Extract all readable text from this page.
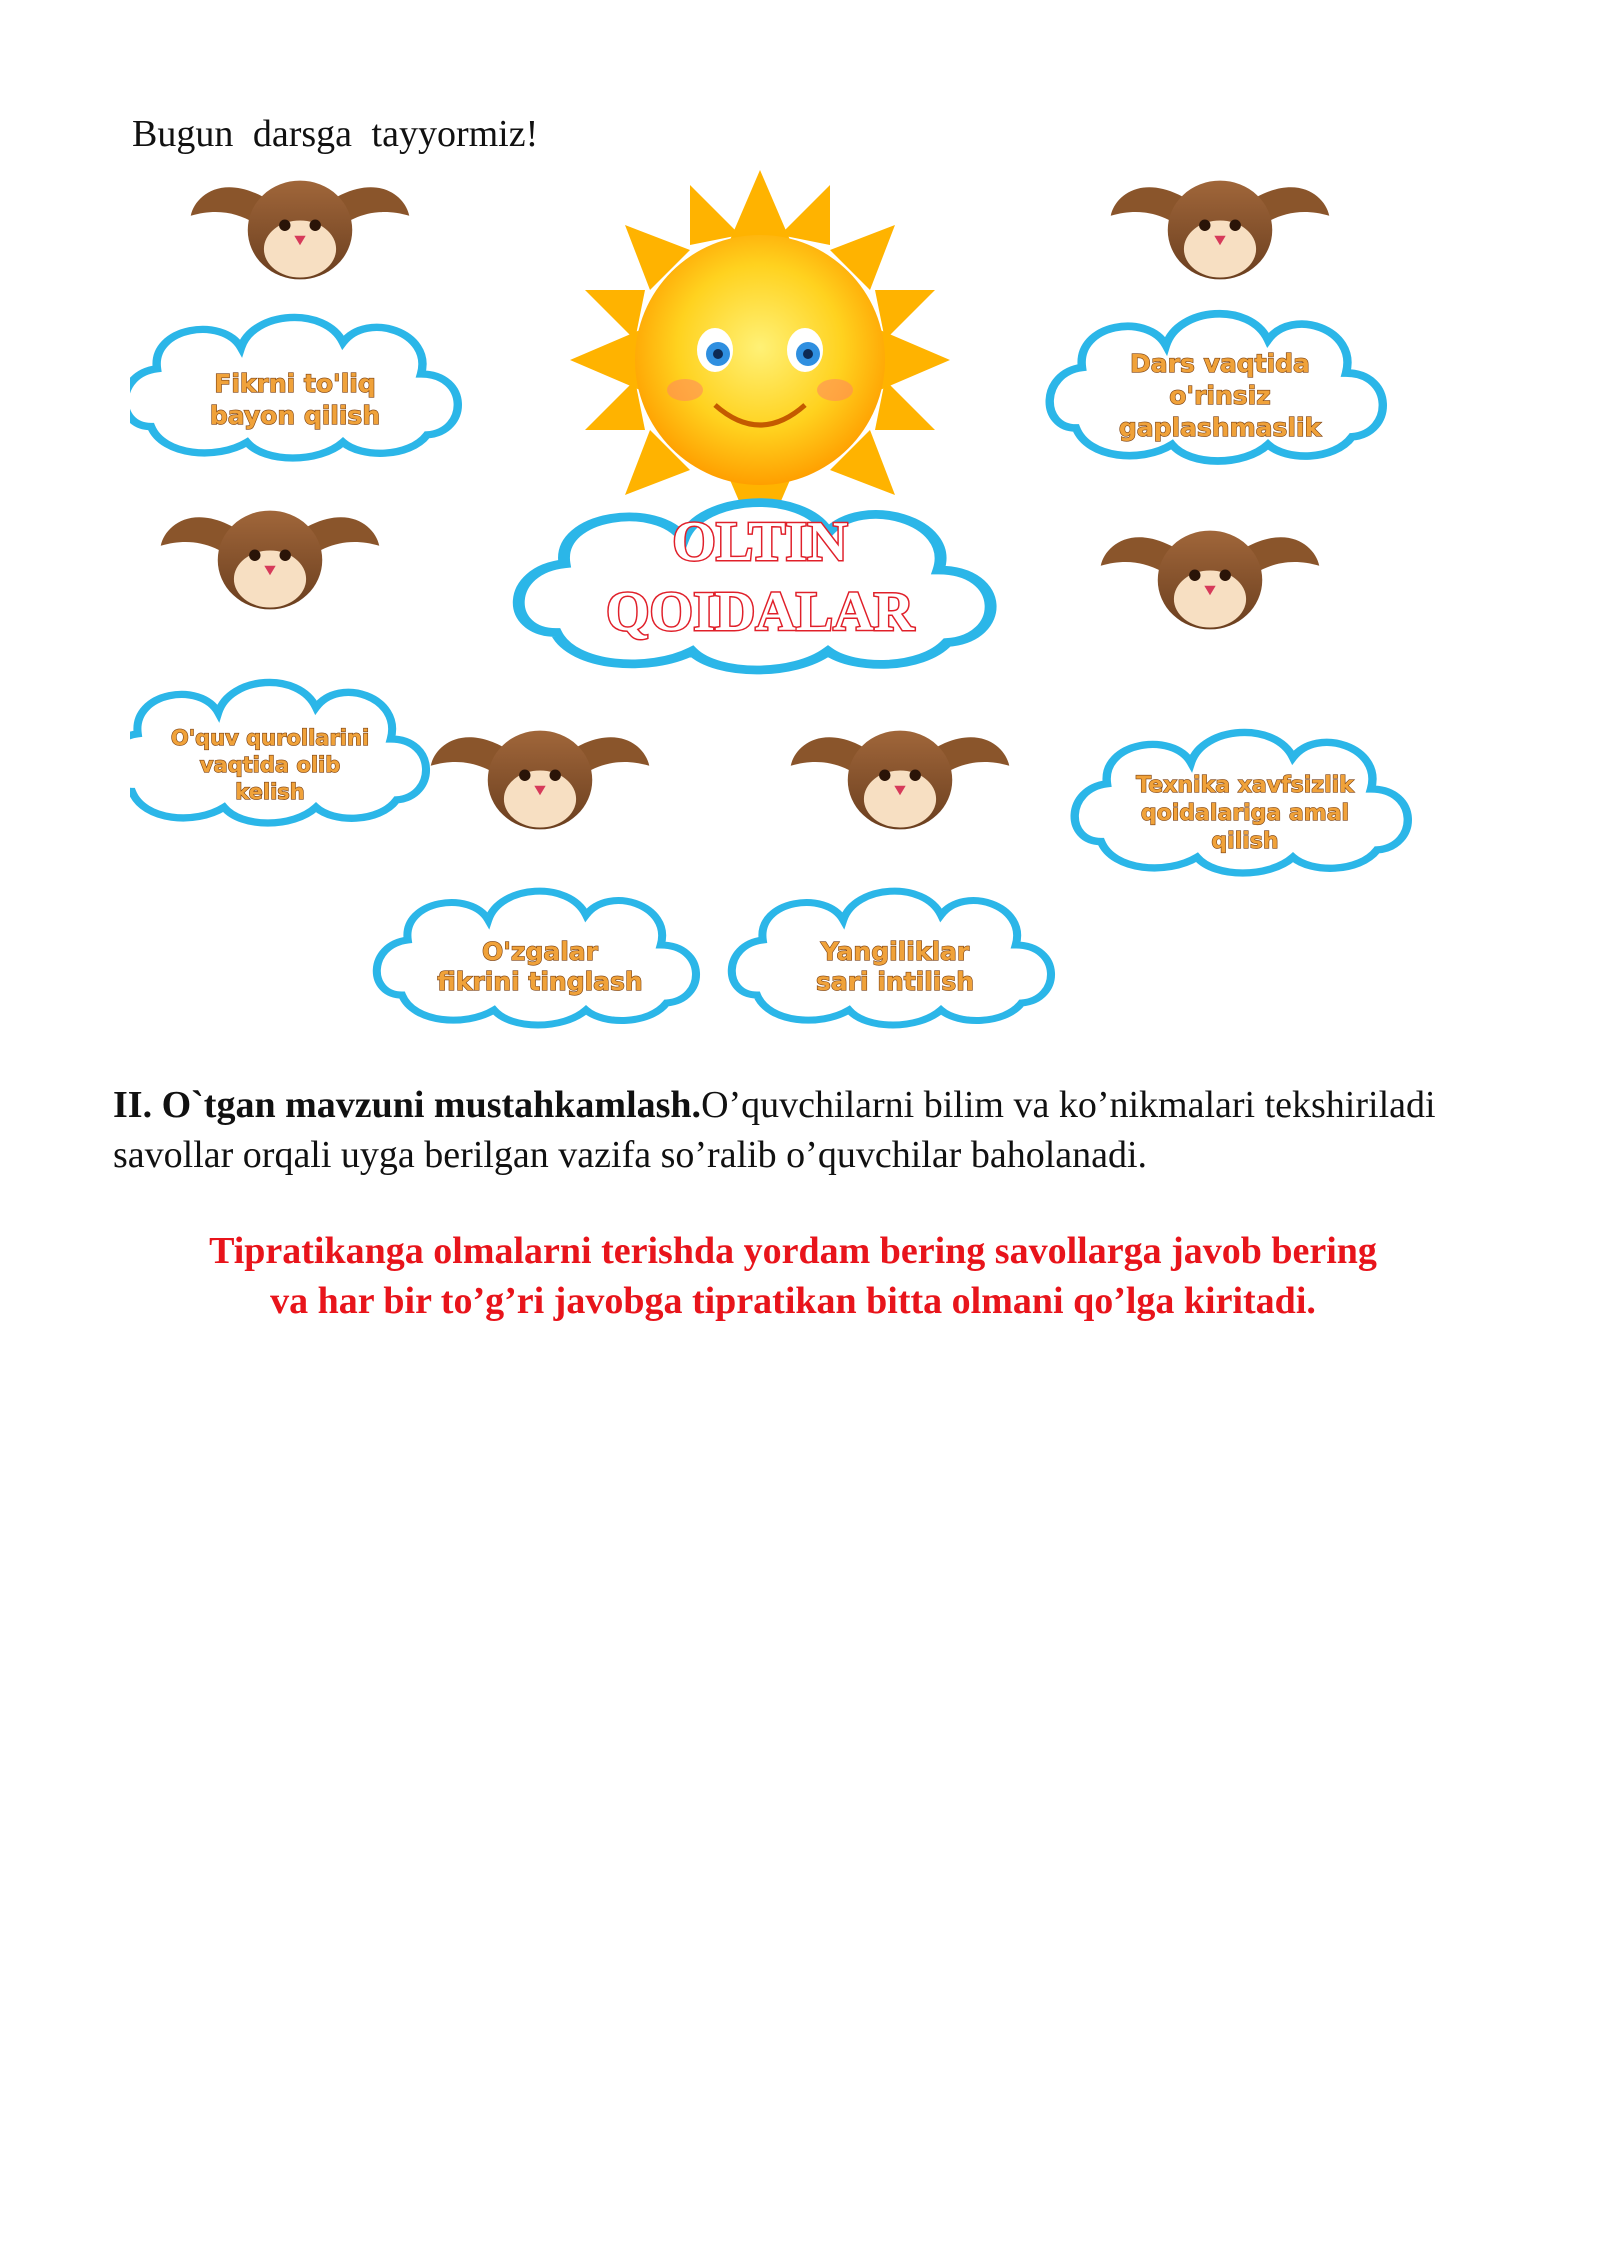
Bugun darsga tayyormiz!

OLTIN
QOIDALAR
Fikrni to'liq
bayon qilish
Dars vaqtida
o'rinsiz
gaplashmaslik
O'quv qurollarini
vaqtida olib
kelish	Texnika xavfsizlik
qoidalariga amal
qilish
O'zgalar
fikrini tinglash
Yangiliklar
sari intilish

II. O`tgan mavzuni mustahkamlash.O’quvchilarni bilim va ko’nikmalari tekshiriladi savollar orqali uyga berilgan vazifa so’ralib o’quvchilar baholanadi.

Tipratikanga olmalarni terishda yordam bering savollarga javob bering
va har bir to’g’ri javobga tipratikan bitta olmani qo’lga kiritadi.
